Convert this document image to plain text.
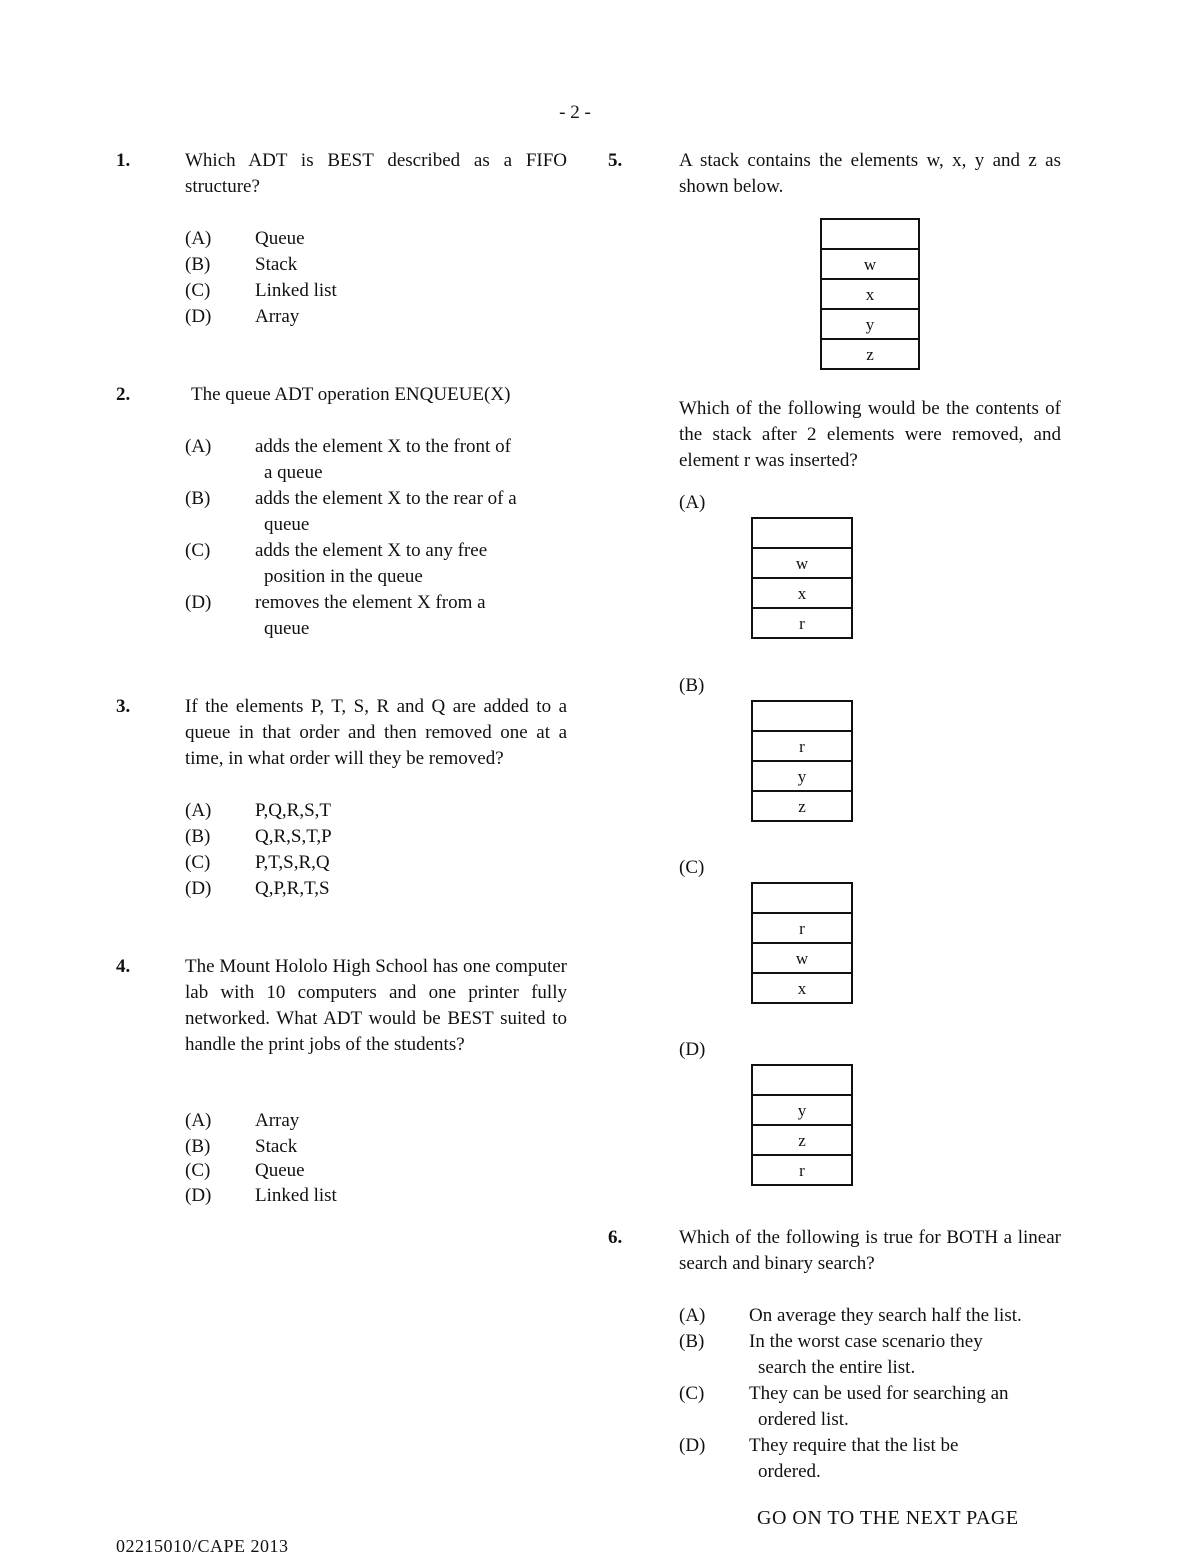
- 2 -
1.	Which ADT is BEST described as a FIFO structure?
(A) Queue
(B) Stack
(C) Linked list
(D) Array
2.	The queue ADT operation ENQUEUE(X)
(A) adds the element X to the front of
a queue
(B) adds the element X to the rear of a
queue
(C) adds the element X to any free
position in the queue
(D) removes the element X from a
queue
3.	If the elements P, T, S, R and Q are added to a queue in that order and then removed one at a time, in what order will they be removed?
(A) P,Q,R,S,T
(B) Q,R,S,T,P
(C) P,T,S,R,Q
(D) Q,P,R,T,S
4.	The Mount Hololo High School has one computer lab with 10 computers and one printer fully networked. What ADT would be BEST suited to handle the print jobs of the students?
(A) Array
(B) Stack
(C) Queue
(D) Linked list
5.	A stack contains the elements w, x, y and z as shown below.

w
x
y
z
Which of the following would be the contents of the stack after 2 elements were removed, and element r was inserted?
(A)

w
x
r
(B)

r
y
z
(C)

r
w
x
(D)

y
z
r
6.	Which of the following is true for BOTH a linear search and binary search?
(A) On average they search half the list.
(B) In the worst case scenario they
search the entire list.
(C) They can be used for searching an
ordered list.
(D) They require that the list be
ordered.
GO ON TO THE NEXT PAGE
02215010/CAPE 2013
